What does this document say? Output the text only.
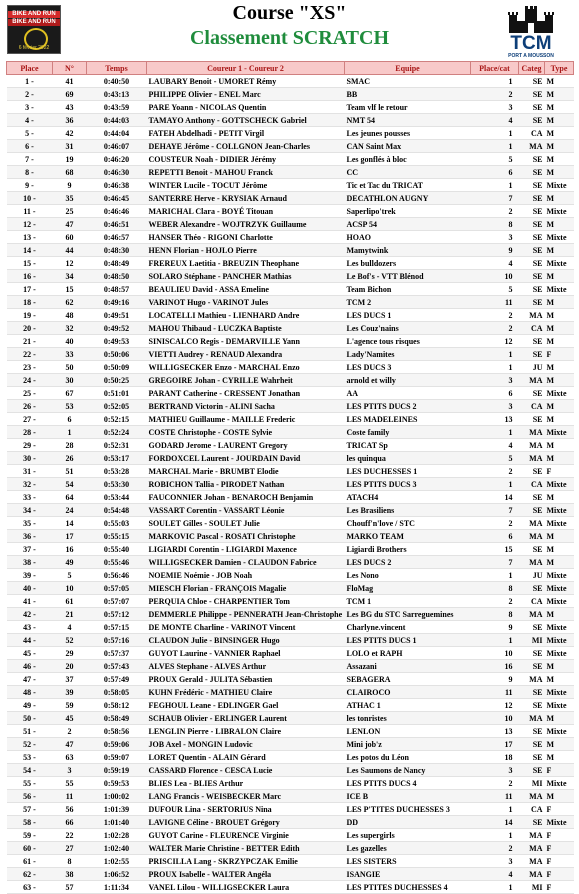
BIKE AND RUN
BIKE AND RUN
6 février 2022
Course "XS"
Classement SCRATCH	TCM
PORT A MOUSSON
Place	N°	Temps	Coureur 1 - Coureur 2	Equipe	Place/cat	Categ	Type
1 -	41	0:40:50	LAUBARY Benoit - UMORET Rémy	SMAC	1	SE	M
2 -	69	0:43:13	PHILIPPE Olivier - ENEL Marc	BB	2	SE	M
3 -	43	0:43:59	PARE Yoann - NICOLAS Quentin	Team vlf le retour	3	SE	M
4 -	36	0:44:03	TAMAYO Anthony - GOTTSCHECK Gabriel	NMT 54	4	SE	M
5 -	42	0:44:04	FATEH Abdelhadi - PETIT Virgil	Les jeunes pousses	1	CA	M
6 -	31	0:46:07	DEHAYE Jérôme - COLLGNON Jean-Charles	CAN Saint Max	1	MA	M
7 -	19	0:46:20	COUSTEUR Noah - DIDIER Jérémy	Les gonflés à bloc	5	SE	M
8 -	68	0:46:30	REPETTI Benoit - MAHOU Franck	CC	6	SE	M
9 -	9	0:46:38	WINTER Lucile - TOCUT Jérôme	Tic et Tac du TRICAT	1	SE	Mixte
10 -	35	0:46:45	SANTERRE Herve - KRYSIAK Arnaud	DECATHLON AUGNY	7	SE	M
11 -	25	0:46:46	MARICHAL Clara - BOYÉ Titouan	Saperlipo'trek	2	SE	Mixte
12 -	47	0:46:51	WEBER Alexandre - WOJTRZYK Guillaume	ACSP 54	8	SE	M
13 -	60	0:46:57	HANSER Théo - RIGONI Charlotte	HOAO	3	SE	Mixte
14 -	44	0:48:30	HENN Florian - HOJLO Pierre	Mamytwink	9	SE	M
15 -	12	0:48:49	FREREUX Laetitia - BREUZIN Theophane	Les bulldozers	4	SE	Mixte
16 -	34	0:48:50	SOLARO Stéphane - PANCHER Mathias	Le Bof's - VTT Blénod	10	SE	M
17 -	15	0:48:57	BEAULIEU David - ASSA Emeline	Team Bichon	5	SE	Mixte
18 -	62	0:49:16	VARINOT Hugo - VARINOT Jules	TCM 2	11	SE	M
19 -	48	0:49:51	LOCATELLI Mathieu - LIENHARD Andre	LES DUCS 1	2	MA	M
20 -	32	0:49:52	MAHOU Thibaud - LUCZKA Baptiste	Les Couz'nains	2	CA	M
21 -	40	0:49:53	SINISCALCO Regis - DEMARVILLE Yann	L'agence tous risques	12	SE	M
22 -	33	0:50:06	VIETTI Audrey - RENAUD Alexandra	Lady'Namites	1	SE	F
23 -	50	0:50:09	WILLIGSECKER Enzo - MARCHAL Enzo	LES DUCS 3	1	JU	M
24 -	30	0:50:25	GREGOIRE Johan - CYRILLE Wahrheit	arnold et willy	3	MA	M
25 -	67	0:51:01	PARANT Catherine - CRESSENT Jonathan	AA	6	SE	Mixte
26 -	53	0:52:05	BERTRAND Victorin - ALINI Sacha	LES PTITS DUCS 2	3	CA	M
27 -	6	0:52:15	MATHIEU Guillaume - MAILLE Frederic	LES MADELEINES	13	SE	M
28 -	1	0:52:24	COSTE Christophe - COSTE Sylvie	Coste family	1	MA	Mixte
29 -	28	0:52:31	GODARD Jerome - LAURENT Gregory	TRICAT Sp	4	MA	M
30 -	26	0:53:17	FORDOXCEL Laurent - JOURDAIN David	les quinqua	5	MA	M
31 -	51	0:53:28	MARCHAL Marie - BRUMBT Elodie	LES DUCHESSES 1	2	SE	F
32 -	54	0:53:30	ROBICHON Tallia - PIRODET Nathan	LES PTITS DUCS 3	1	CA	Mixte
33 -	64	0:53:44	FAUCONNIER Johan - BENAROCH Benjamin	ATACH4	14	SE	M
34 -	24	0:54:48	VASSART Corentin - VASSART Léonie	Les Brasiliens	7	SE	Mixte
35 -	14	0:55:03	SOULET Gilles - SOULET Julie	Chouff'n'love / STC	2	MA	Mixte
36 -	17	0:55:15	MARKOVIC Pascal - ROSATI Christophe	MARKO TEAM	6	MA	M
37 -	16	0:55:40	LIGIARDI Corentin - LIGIARDI Maxence	Ligiardi Brothers	15	SE	M
38 -	49	0:55:46	WILLIGSECKER Damien - CLAUDON Fabrice	LES DUCS 2	7	MA	M
39 -	5	0:56:46	NOEMIE Noémie - JOB Noah	Les Nono	1	JU	Mixte
40 -	10	0:57:05	MIESCH Florian - FRANÇOIS Magalie	FloMag	8	SE	Mixte
41 -	61	0:57:07	PERQUIA Chloe - CHARPENTIER Tom	TCM 1	2	CA	Mixte
42 -	21	0:57:12	DEMMERLE Philippe - PENNERATH Jean-Christophe	Les BG du STC Sarreguemines	8	MA	M
43 -	4	0:57:15	DE MONTE Charline - VARINOT Vincent	Charlyne.vincent	9	SE	Mixte
44 -	52	0:57:16	CLAUDON Julie - BINSINGER Hugo	LES PTITS DUCS 1	1	MI	Mixte
45 -	29	0:57:37	GUYOT Laurine - VANNIER Raphael	LOLO et RAPH	10	SE	Mixte
46 -	20	0:57:43	ALVES Stephane - ALVES Arthur	Assazani	16	SE	M
47 -	37	0:57:49	PROUX Gerald - JULITA Sébastien	SEBAGERA	9	MA	M
48 -	39	0:58:05	KUHN Frédéric - MATHIEU Claire	CLAIROCO	11	SE	Mixte
49 -	59	0:58:12	FEGHOUL Leane - EDLINGER Gael	ATHAC 1	12	SE	Mixte
50 -	45	0:58:49	SCHAUB Olivier - ERLINGER Laurent	les tonristes	10	MA	M
51 -	2	0:58:56	LENGLIN Pierre - LIBRALON Claire	LENLON	13	SE	Mixte
52 -	47	0:59:06	JOB Axel - MONGIN Ludovic	Mini job'z	17	SE	M
53 -	63	0:59:07	LORET Quentin - ALAIN Gérard	Les potos du Léon	18	SE	M
54 -	3	0:59:19	CASSARD Florence - CESCA Lucie	Les Saumons de Nancy	3	SE	F
55 -	55	0:59:53	BLIES Lea - BLIES Arthur	LES PTITS DUCS 4	2	MI	Mixte
56 -	11	1:00:02	LANG Francis - WEISBECKER Marc	ICE B	11	MA	M
57 -	56	1:01:39	DUFOUR Lina - SERTORIUS Nina	LES P'TITES DUCHESSES 3	1	CA	F
58 -	66	1:01:40	LAVIGNE Céline - BROUET Grégory	DD	14	SE	Mixte
59 -	22	1:02:28	GUYOT Carine - FLEURENCE Virginie	Les supergirls	1	MA	F
60 -	27	1:02:40	WALTER Marie Christine - BETTER Edith	Les gazelles	2	MA	F
61 -	8	1:02:55	PRISCILLA Lang - SKRZYPCZAK Emilie	LES SISTERS	3	MA	F
62 -	38	1:06:52	PROUX Isabelle - WALTER Angéla	ISANGIE	4	MA	F
63 -	57	1:11:34	VANEL Lilou - WILLIGSECKER Laura	LES PTITES DUCHESSES 4	1	MI	F
